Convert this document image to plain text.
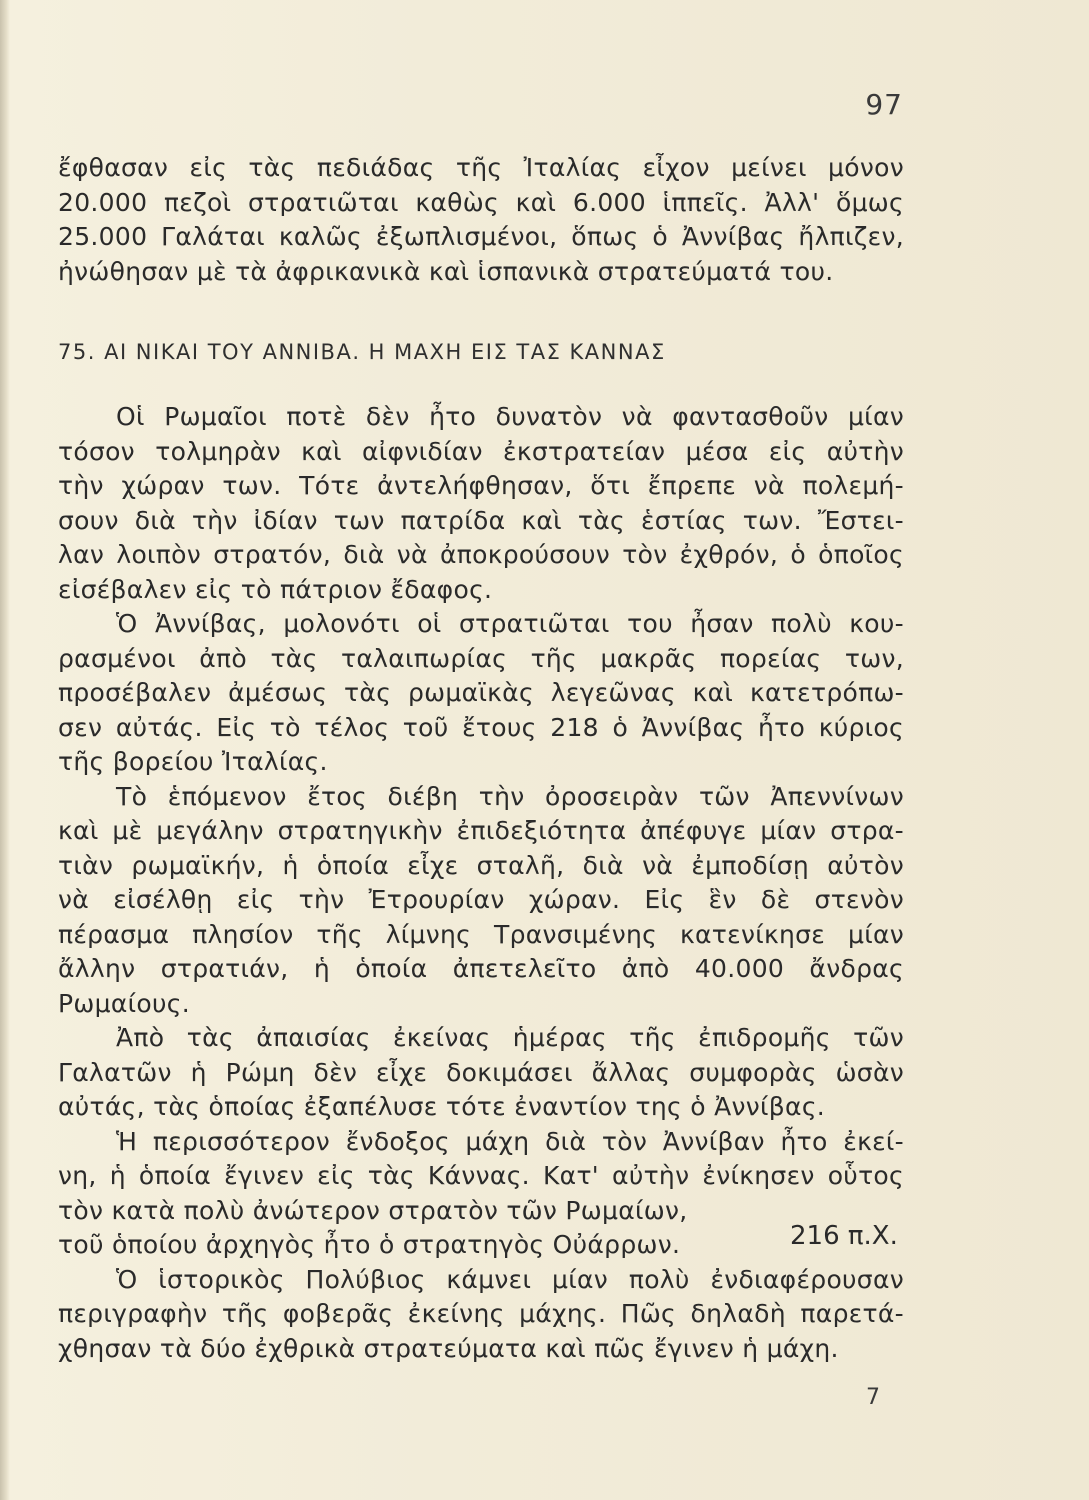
97
ἔφθασαν εἰς τὰς πεδιάδας τῆς Ἰταλίας εἶχον μείνει μόνον
20.000 πεζοὶ στρατιῶται καθὼς καὶ 6.000 ἱππεῖς. Ἀλλ' ὅμως
25.000 Γαλάται καλῶς ἐξωπλισμένοι, ὅπως ὁ Ἀννίβας ἤλπιζεν,
ἠνώθησαν μὲ τὰ ἀφρικανικὰ καὶ ἱσπανικὰ στρατεύματά του.
75. ΑΙ ΝΙΚΑΙ ΤΟΥ ΑΝΝΙΒΑ. Η ΜΑΧΗ ΕΙΣ ΤΑΣ ΚΑΝΝΑΣ
Οἱ Ρωμαῖοι ποτὲ δὲν ἦτο δυνατὸν νὰ φαντασθοῦν μίαν
τόσον τολμηρὰν καὶ αἰφνιδίαν ἐκστρατείαν μέσα εἰς αὐτὴν
τὴν χώραν των. Τότε ἀντελήφθησαν, ὅτι ἔπρεπε νὰ πολεμή-
σουν διὰ τὴν ἰδίαν των πατρίδα καὶ τὰς ἑστίας των. Ἔστει-
λαν λοιπὸν στρατόν, διὰ νὰ ἀποκρούσουν τὸν ἐχθρόν, ὁ ὁποῖος
εἰσέβαλεν εἰς τὸ πάτριον ἔδαφος.
Ὁ Ἀννίβας, μολονότι οἱ στρατιῶται του ἦσαν πολὺ κου-
ρασμένοι ἀπὸ τὰς ταλαιπωρίας τῆς μακρᾶς πορείας των,
προσέβαλεν ἀμέσως τὰς ρωμαϊκὰς λεγεῶνας καὶ κατετρόπω-
σεν αὐτάς. Εἰς τὸ τέλος τοῦ ἔτους 218 ὁ Ἀννίβας ἦτο κύριος
τῆς βορείου Ἰταλίας.
Τὸ ἑπόμενον ἔτος διέβη τὴν ὀροσειρὰν τῶν Ἀπεννίνων
καὶ μὲ μεγάλην στρατηγικὴν ἐπιδεξιότητα ἀπέφυγε μίαν στρα-
τιὰν ρωμαϊκήν, ἡ ὁποία εἶχε σταλῆ, διὰ νὰ ἐμποδίσῃ αὐτὸν
νὰ εἰσέλθῃ εἰς τὴν Ἐτρουρίαν χώραν. Εἰς ἓν δὲ στενὸν
πέρασμα πλησίον τῆς λίμνης Τρανσιμένης κατενίκησε μίαν
ἄλλην στρατιάν, ἡ ὁποία ἀπετελεῖτο ἀπὸ 40.000 ἄνδρας
Ρωμαίους.
Ἀπὸ τὰς ἀπαισίας ἐκείνας ἡμέρας τῆς ἐπιδρομῆς τῶν
Γαλατῶν ἡ Ρώμη δὲν εἶχε δοκιμάσει ἄλλας συμφορὰς ὡσὰν
αὐτάς, τὰς ὁποίας ἐξαπέλυσε τότε ἐναντίον της ὁ Ἀννίβας.
Ἡ περισσότερον ἔνδοξος μάχη διὰ τὸν Ἀννίβαν ἦτο ἐκεί-
νη, ἡ ὁποία ἔγινεν εἰς τὰς Κάννας. Κατ' αὐτὴν ἐνίκησεν οὗτος
τὸν κατὰ πολὺ ἀνώτερον στρατὸν τῶν Ρωμαίων,
τοῦ ὁποίου ἀρχηγὸς ἦτο ὁ στρατηγὸς Οὐάρρων.
Ὁ ἱστορικὸς Πολύβιος κάμνει μίαν πολὺ ἐνδιαφέρουσαν
περιγραφὴν τῆς φοβερᾶς ἐκείνης μάχης. Πῶς δηλαδὴ παρετά-
χθησαν τὰ δύο ἐχθρικὰ στρατεύματα καὶ πῶς ἔγινεν ἡ μάχη.
216 π.Χ.
7
